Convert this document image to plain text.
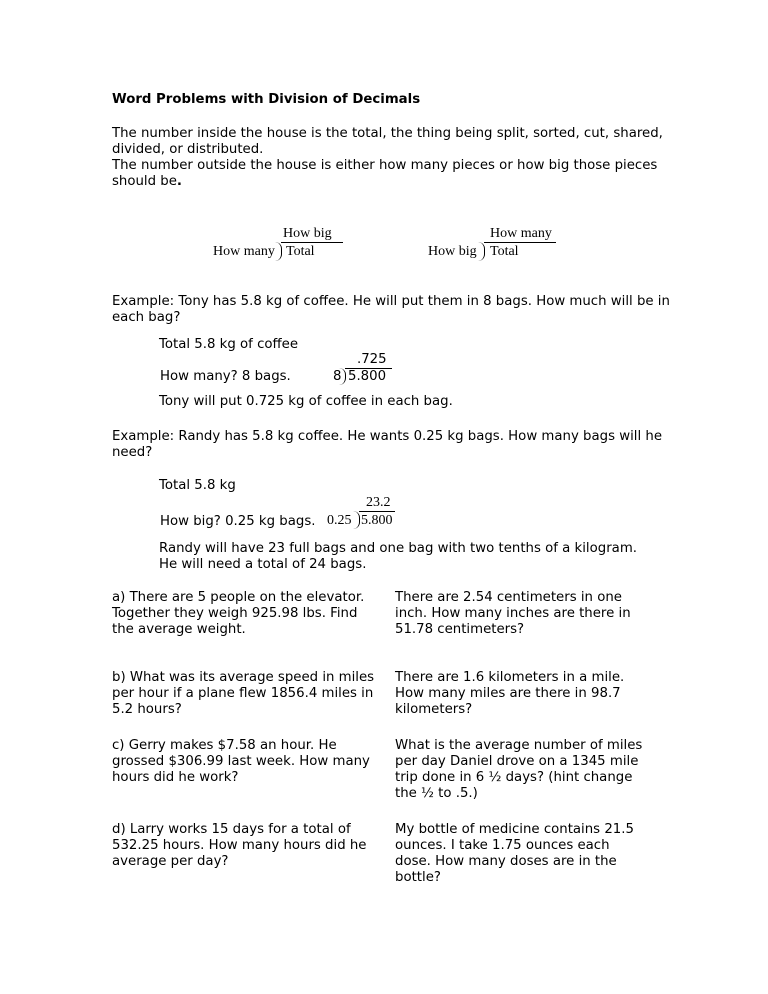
Word Problems with Division of Decimals
The number inside the house is the total, the thing being split, sorted, cut, shared,
divided, or distributed.
The number outside the house is either how many pieces or how big those pieces
should be.
How big
How many Total
How many
How big Total
Example: Tony has 5.8 kg of coffee. He will put them in 8 bags. How much will be in
each bag?
Total 5.8 kg of coffee
How many? 8 bags.
.725
8 5.800
Tony will put 0.725 kg of coffee in each bag.
Example: Randy has 5.8 kg coffee. He wants 0.25 kg bags. How many bags will he
need?
Total 5.8 kg
How big? 0.25 kg bags.
23.2
0.25 5.800
Randy will have 23 full bags and one bag with two tenths of a kilogram.
He will need a total of 24 bags.
a) There are 5 people on the elevator.
Together they weigh 925.98 lbs. Find
the average weight.
b) What was its average speed in miles
per hour if a plane flew 1856.4 miles in
5.2 hours?
c) Gerry makes $7.58 an hour. He
grossed $306.99 last week. How many
hours did he work?
d) Larry works 15 days for a total of
532.25 hours. How many hours did he
average per day?
There are 2.54 centimeters in one
inch. How many inches are there in
51.78 centimeters?
There are 1.6 kilometers in a mile.
How many miles are there in 98.7
kilometers?
What is the average number of miles
per day Daniel drove on a 1345 mile
trip done in 6 ½ days? (hint change
the ½ to .5.)
My bottle of medicine contains 21.5
ounces. I take 1.75 ounces each
dose. How many doses are in the
bottle?
